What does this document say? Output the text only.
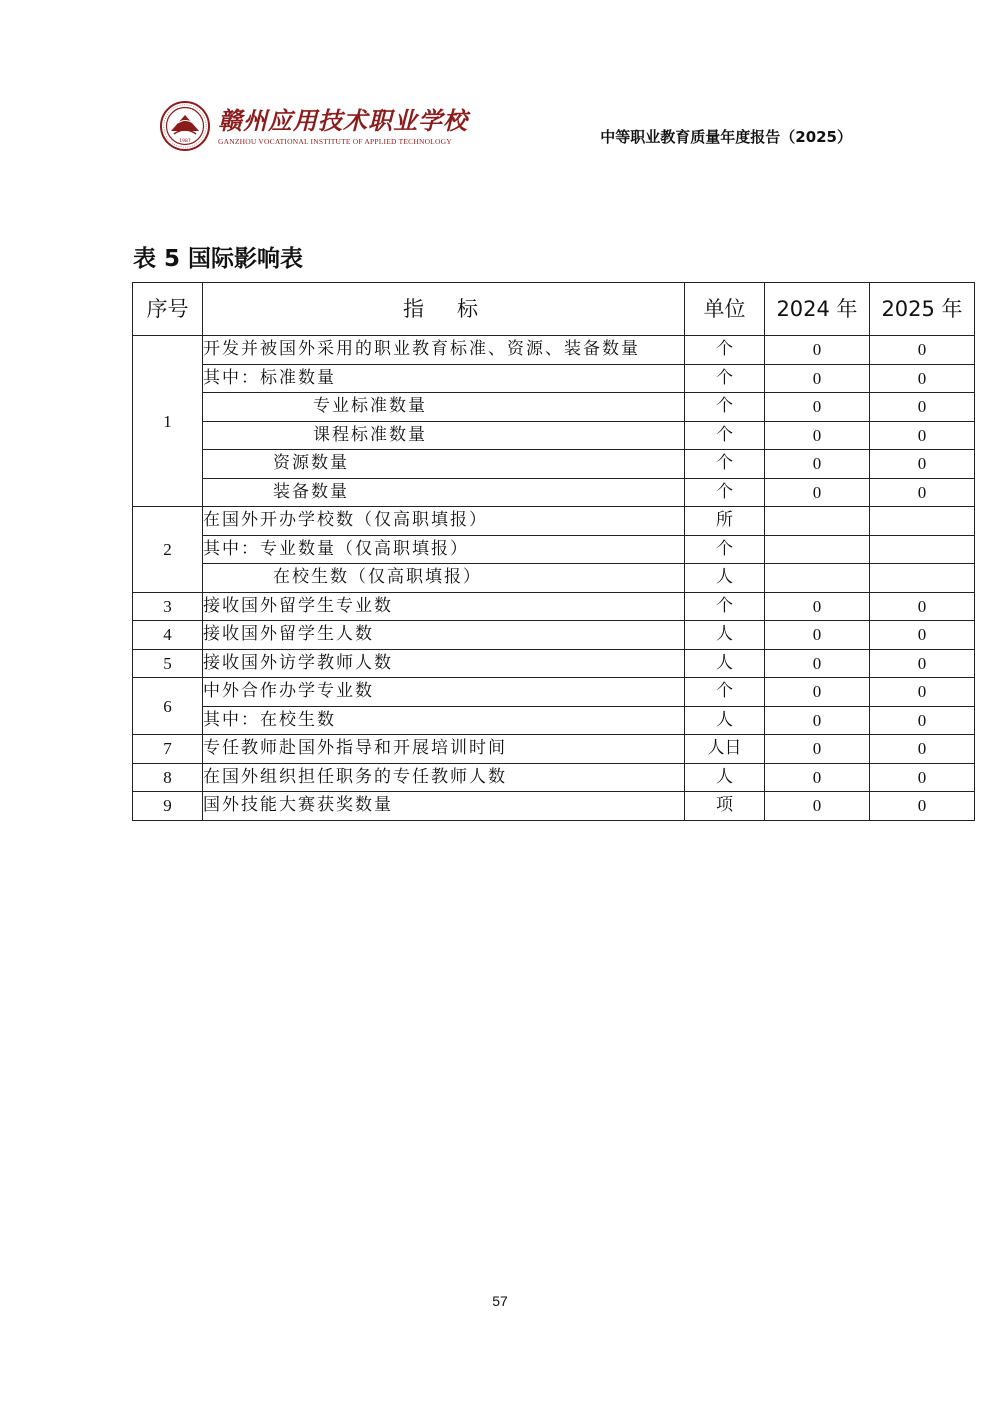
1987
赣州应用技术职业学校
GANZHOU VOCATIONAL INSTITUTE OF APPLIED TECHNOLOGY	中等职业教育质量年度报告（2025）
表 5 国际影响表
序号	指　标	单位	2024 年	2025 年
1	开发并被国外采用的职业教育标准、资源、装备数量	个	0	0
	其中：标准数量	个	0	0
	专业标准数量	个	0	0
	课程标准数量	个	0	0
	资源数量	个	0	0
	装备数量	个	0	0
2	在国外开办学校数（仅高职填报）	所		
	其中：专业数量（仅高职填报）	个		
	在校生数（仅高职填报）	人		
3	接收国外留学生专业数	个	0	0
4	接收国外留学生人数	人	0	0
5	接收国外访学教师人数	人	0	0
6	中外合作办学专业数	个	0	0
	其中：在校生数	人	0	0
7	专任教师赴国外指导和开展培训时间	人日	0	0
8	在国外组织担任职务的专任教师人数	人	0	0
9	国外技能大赛获奖数量	项	0	0
57
